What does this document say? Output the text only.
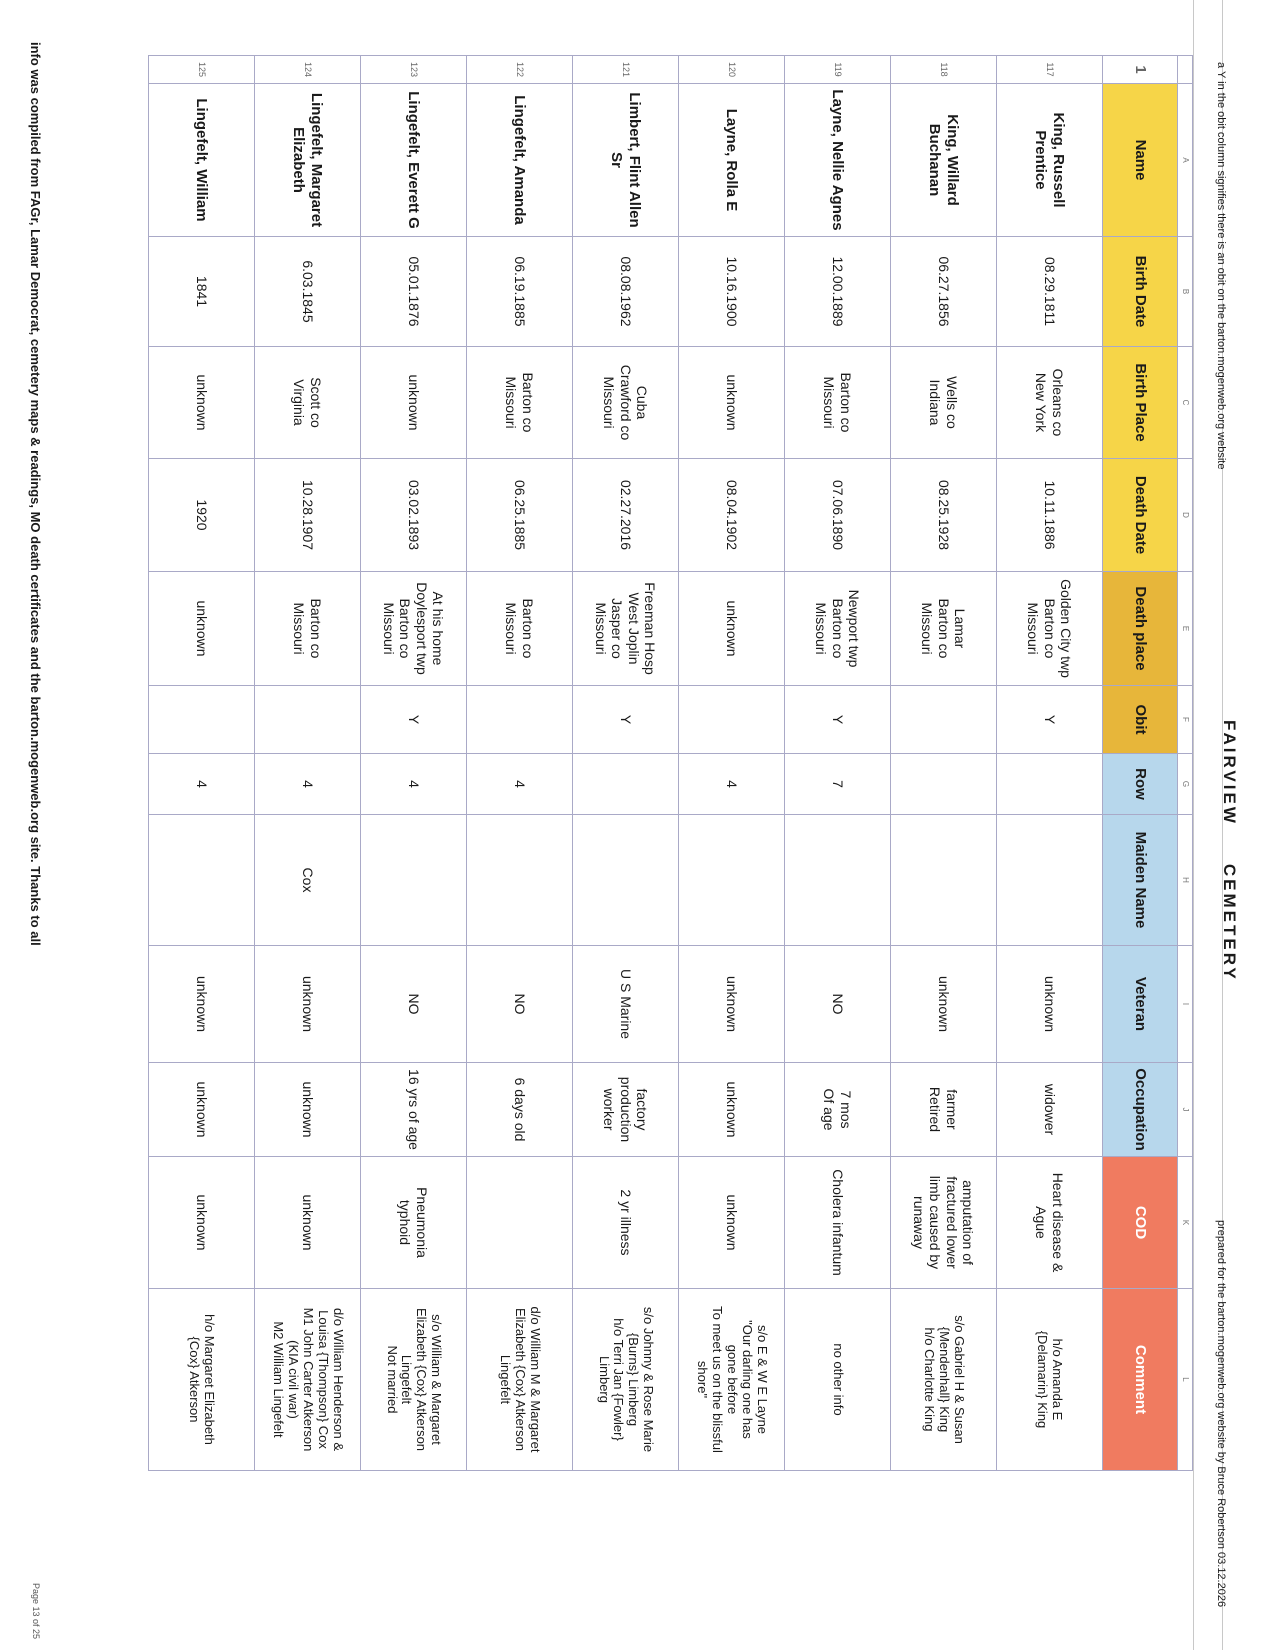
a Y in the obit column signifies there is an obit on the barton.mogenweb.org website
FAIRVIEWCEMETERY
prepared for the barton.mogenweb.org website by Bruce Robertson 03.12.2026
	A	B	C	D	E	F	G	H	I	J	K	L
1	Name	Birth Date	Birth Place	Death Date	Death place	Obit	Row	Maiden Name	Veteran	Occupation	COD	Comment
117	King, Russell Prentice	08.29.1811	Orleans co
New York	10.11.1886	Golden City twp
Barton co
Missouri	Y			unknown	widower	Heart disease &
Ague	h/o Amanda E
{Delamarin} King
118	King, Willard Buchanan	06.27.1856	Wells co
Indiana	08.25.1928	Lamar
Barton co
Missouri				unknown	farmer
Retired	amputation of
fractured lower
limb caused by
runaway	s/o Gabriel H & Susan
{Mendenhall} King
h/o Charlotte King
119	Layne, Nellie Agnes	12.00.1889	Barton co
Missouri	07.06.1890	Newport twp
Barton co
Missouri	Y	7		NO	7 mos
Of age	Cholera infantum	no other info
120	Layne, Rolla E	10.16.1900	unknown	08.04.1902	unknown		4		unknown	unknown	unknown	s/o E & W E Layne
"Our darling one has
gone before
To meet us on the blissful
shore"
121	Limbert, Flint Allen Sr	08.08.1962	Cuba
Crawford co
Missouri	02.27.2016	Freeman Hosp
West Joplin
Jasper co
Missouri	Y			U S Marine	factory
production
worker	2 yr illness	s/o Johnny & Rose Marie
{Burns} Limberg
h/o Terri Jan {Fowler}
Limberg
122	Lingefelt, Amanda	06.19.1885	Barton co
Missouri	06.25.1885	Barton co
Missouri		4		NO	6 days old		d/o William M & Margaret
Elizabeth {Cox} Atkerson
Lingefelt
123	Lingefelt, Everett G	05.01.1876	unknown	03.02.1893	At his home
Doylesport twp
Barton co
Missouri	Y	4		NO	16 yrs of age	Pneumonia
typhoid	s/o William & Margaret
Elizabeth {Cox} Atkerson
Lingefelt
Not married
124	Lingefelt, Margaret Elizabeth	6.03.1845	Scott co
Virginia	10.28.1907	Barton co
Missouri		4	Cox	unknown	unknown	unknown	d/o William Henderson &
Louisa {Thompson} Cox
M1 John Carter Atkerson
(KIA civil war)
M2 William Lingefelt
125	Lingefelt, William	1841	unknown	1920	unknown		4		unknown	unknown	unknown	h/o Margaret Elizabeth
{Cox} Atkerson
info was compiled from FAGr, Lamar Democrat, cemetery maps & readings, MO death certificates and the barton.mogenweb.org site. Thanks to all
Page 13 of 25
